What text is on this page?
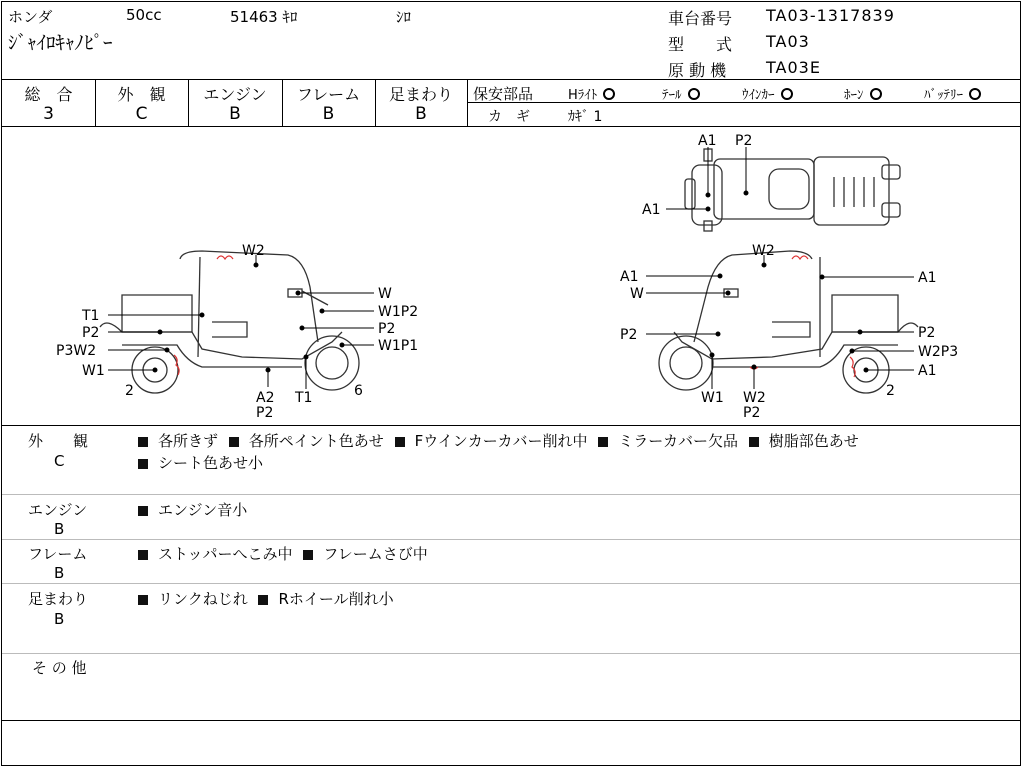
ホンダ	50cc	51463 ｷﾛ	ｼﾛ
ｼﾞｬｲﾛｷｬﾉﾋﾟｰ
車台番号 TA03-1317839
型　　式 TA03
原 動 機 TA03E
総　合
3
外　観
C
エンジン
B
フレーム
B
足まわり
B
保安部品	Hﾗｲﾄ	ﾃｰﾙ	ｳｲﾝｶｰ	ﾎｰﾝ	ﾊﾞｯﾃﾘｰ
カ　ギ	ｶｷﾞ 1
A1 P2
A1
W2
T1
P2
P3W2
W1
2	A2
P2
T1	6
W
W1P2
P2
W1P1
W2
A1
W
P2
W1 W2
P2
2
A1
P2
W2P3
A1
外　　観
C
各所きず 各所ペイント色あせ Fウインカーカバー削れ中 ミラーカバー欠品 樹脂部色あせ
シート色あせ小
エンジン
B
エンジン音小
フレーム
B
ストッパーへこみ中 フレームさび中
足まわり
B
リンクねじれ Rホイール削れ小
そ の 他
